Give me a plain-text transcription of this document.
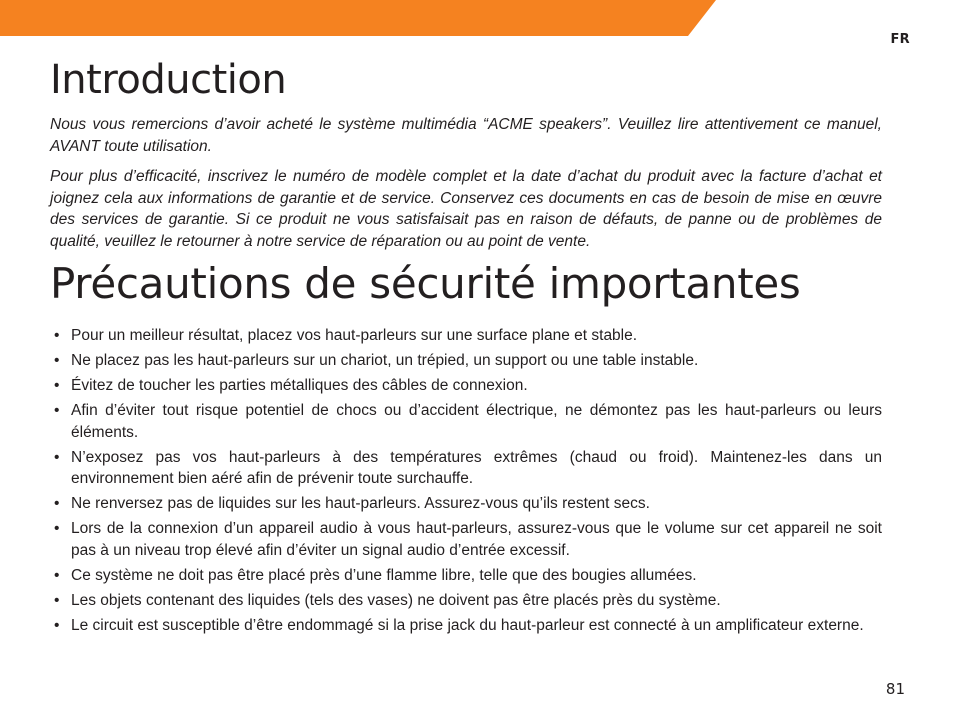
FR
Introduction

Nous vous remercions d’avoir acheté le système multimédia “ACME speakers”. Veuillez lire attentivement ce manuel, AVANT toute utilisation.

Pour plus d’efficacité, inscrivez le numéro de modèle complet et la date d’achat du produit avec la facture d’achat et joignez cela aux informations de garantie et de service. Conservez ces documents en cas de besoin de mise en œuvre des services de garantie. Si ce produit ne vous satisfaisait pas en raison de défauts, de panne ou de problèmes de qualité, veuillez le retourner à notre service de réparation ou au point de vente.

Précautions de sécurité importantes
• Pour un meilleur résultat, placez vos haut-parleurs sur une surface plane et stable.
• Ne placez pas les haut-parleurs sur un chariot, un trépied, un support ou une table instable.
• Évitez de toucher les parties métalliques des câbles de connexion.
• Afin d’éviter tout risque potentiel de chocs ou d’accident électrique, ne démontez pas les haut-parleurs ou leurs éléments.
• N’exposez pas vos haut-parleurs à des températures extrêmes (chaud ou froid). Maintenez-les dans un environnement bien aéré afin de prévenir toute surchauffe.
• Ne renversez pas de liquides sur les haut-parleurs. Assurez-vous qu’ils restent secs.
• Lors de la connexion d’un appareil audio à vous haut-parleurs, assurez-vous que le volume sur cet appareil ne soit pas à un niveau trop élevé afin d’éviter un signal audio d’entrée excessif.
• Ce système ne doit pas être placé près d’une flamme libre, telle que des bougies allumées.
• Les objets contenant des liquides (tels des vases) ne doivent pas être placés près du système.
• Le circuit est susceptible d’être endommagé si la prise jack du haut-parleur est connecté à un amplificateur externe.
81
